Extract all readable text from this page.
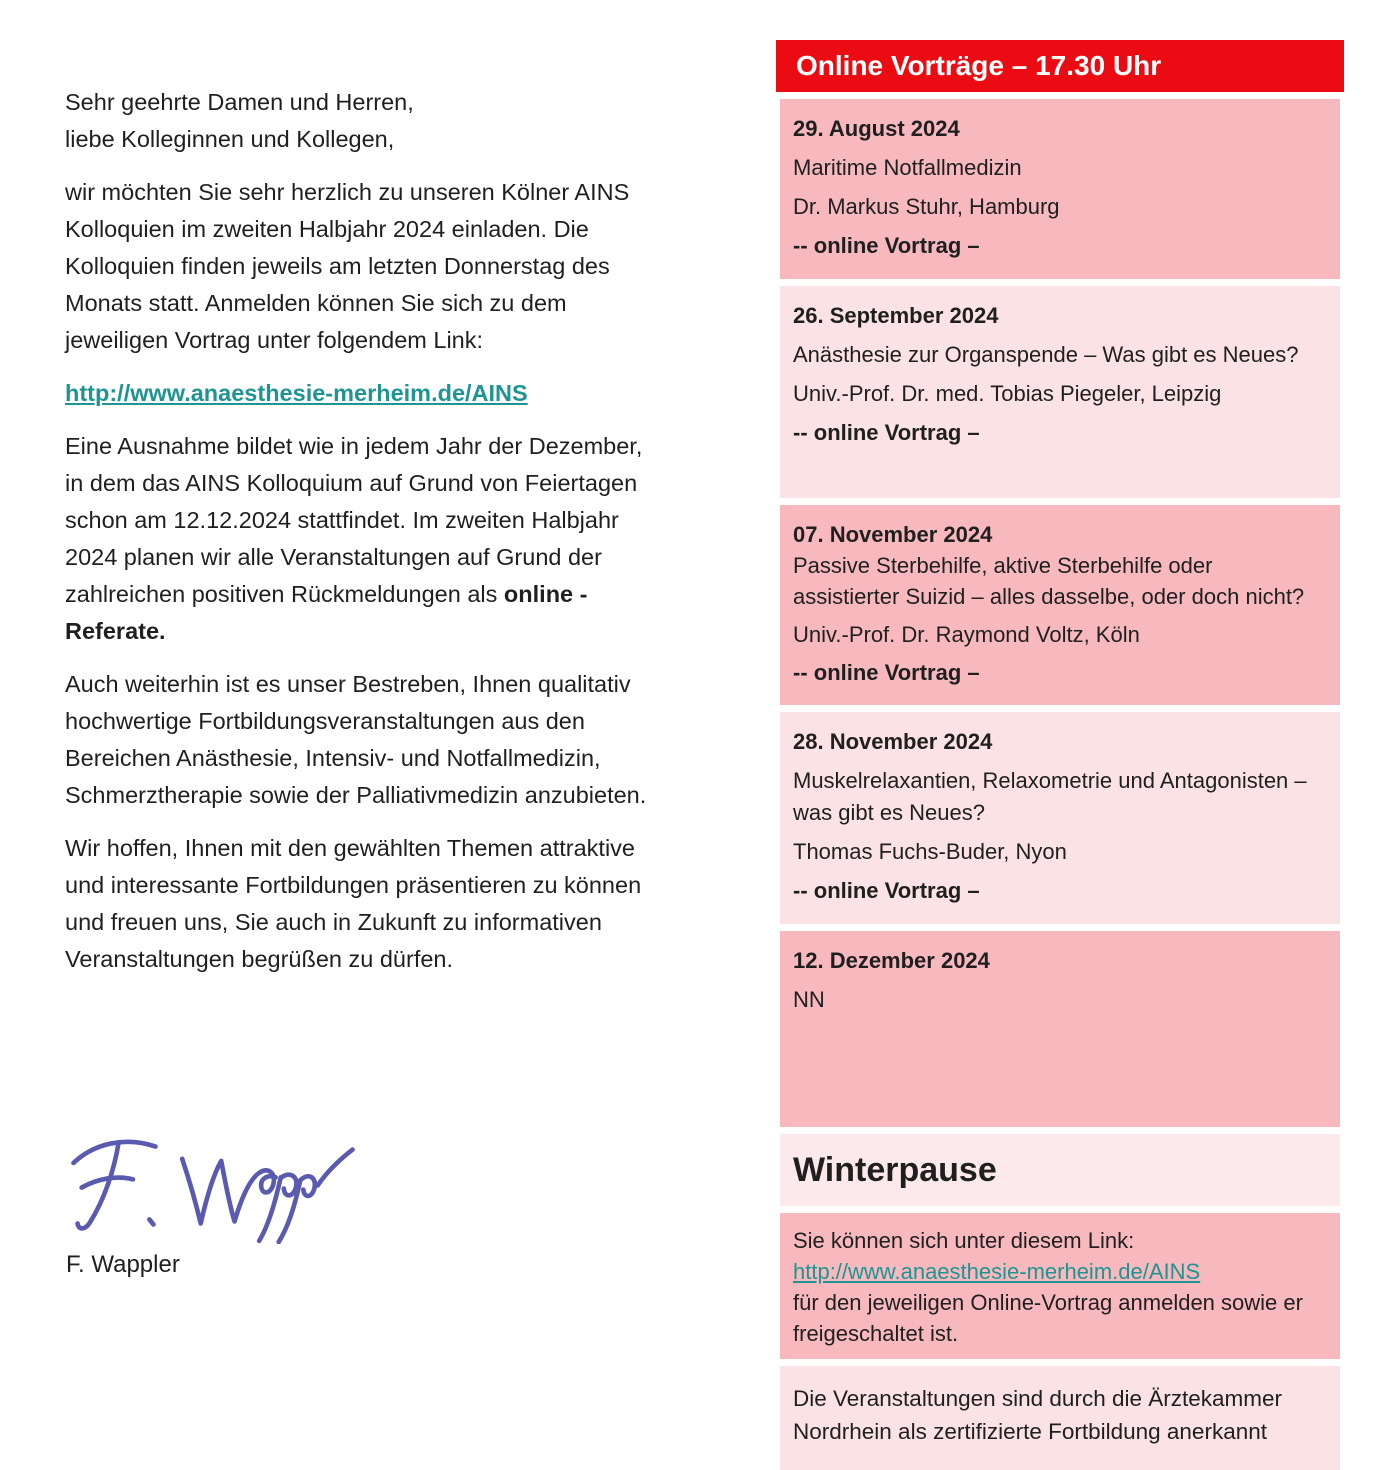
Sehr geehrte Damen und Herren,
liebe Kolleginnen und Kollegen,

wir möchten Sie sehr herzlich zu unseren Kölner AINS Kolloquien im zweiten Halbjahr 2024 einladen. Die Kolloquien finden jeweils am letzten Donnerstag des Monats statt. Anmelden können Sie sich zu dem jeweiligen Vortrag unter folgendem Link:

http://www.anaesthesie-merheim.de/AINS

Eine Ausnahme bildet wie in jedem Jahr der Dezember, in dem das AINS Kolloquium auf Grund von Feiertagen schon am 12.12.2024 stattfindet. Im zweiten Halbjahr 2024 planen wir alle Veranstaltungen auf Grund der zahlreichen positiven Rückmeldungen als online - Referate.

Auch weiterhin ist es unser Bestreben, Ihnen qualitativ hochwertige Fortbildungsveranstaltungen aus den Bereichen Anästhesie, Intensiv- und Notfallmedizin, Schmerztherapie sowie der Palliativmedizin anzubieten.

Wir hoffen, Ihnen mit den gewählten Themen attraktive und interessante Fortbildungen präsentieren zu können und freuen uns, Sie auch in Zukunft zu informativen Veranstaltungen begrüßen zu dürfen.

F. Wappler
Online Vorträge – 17.30 Uhr

29. August 2024

Maritime Notfallmedizin

Dr. Markus Stuhr, Hamburg

-- online Vortrag –

26. September 2024

Anästhesie zur Organspende – Was gibt es Neues?

Univ.-Prof. Dr. med. Tobias Piegeler, Leipzig

-- online Vortrag –

07. November 2024

Passive Sterbehilfe, aktive Sterbehilfe oder assistierter Suizid – alles dasselbe, oder doch nicht?

Univ.-Prof. Dr. Raymond Voltz, Köln

-- online Vortrag –

28. November 2024

Muskelrelaxantien, Relaxometrie und Antagonisten – was gibt es Neues?

Thomas Fuchs-Buder, Nyon

-- online Vortrag –

12. Dezember 2024

NN

Winterpause

Sie können sich unter diesem Link:

http://www.anaesthesie-merheim.de/AINS

für den jeweiligen Online-Vortrag anmelden sowie er freigeschaltet ist.

Die Veranstaltungen sind durch die Ärztekammer Nordrhein als zertifizierte Fortbildung anerkannt
